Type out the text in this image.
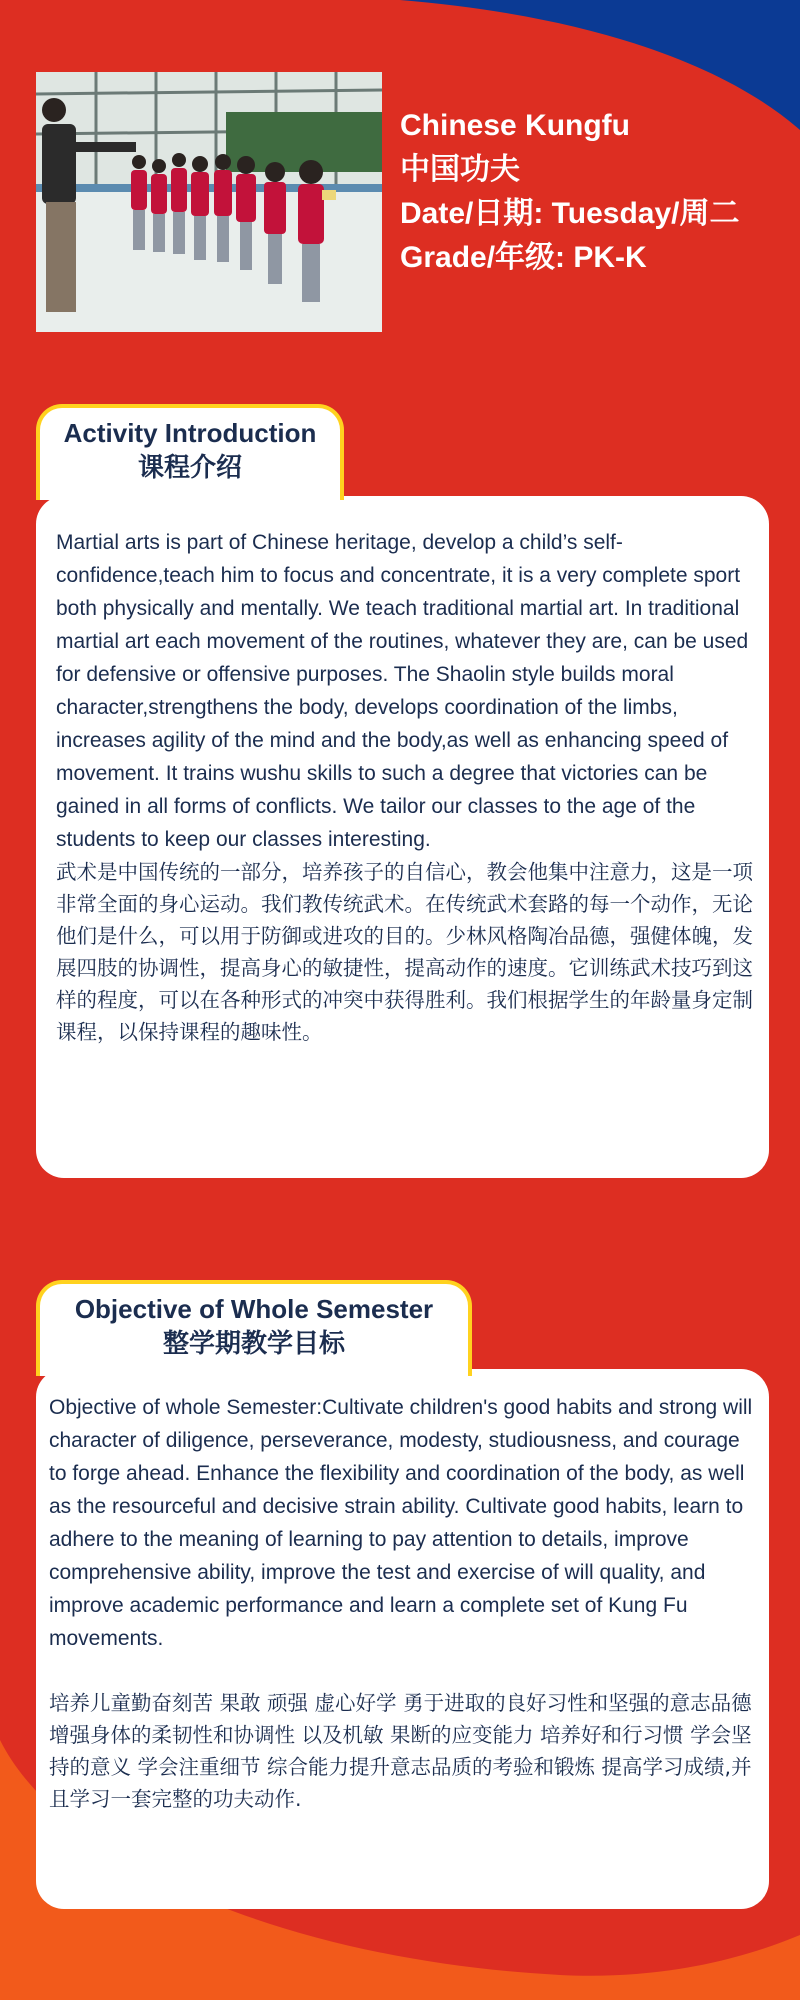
Chinese Kungfu
中国功夫
Date/日期: Tuesday/周二
Grade/年级: PK-K
Activity Introduction
课程介绍

Martial arts is part of Chinese heritage, develop a child’s self-confidence,teach him to focus and concentrate, it is a very complete sport both physically and mentally. We teach traditional martial art. In traditional martial art each movement of the routines, whatever they are, can be used for defensive or offensive purposes. The Shaolin style builds moral character,strengthens the body, develops coordination of the limbs, increases agility of the mind and the body,as well as enhancing speed of movement. It trains wushu skills to such a degree that victories can be gained in all forms of conflicts. We tailor our classes to the age of the students to keep our classes interesting.

武术是中国传统的一部分，培养孩子的自信心，教会他集中注意力，这是一项非常全面的身心运动。我们教传统武术。在传统武术套路的每一个动作，无论他们是什么，可以用于防御或进攻的目的。少林风格陶冶品德，强健体魄，发展四肢的协调性，提高身心的敏捷性，提高动作的速度。它训练武术技巧到这样的程度，可以在各种形式的冲突中获得胜利。我们根据学生的年龄量身定制课程，以保持课程的趣味性。

Objective of Whole Semester
整学期教学目标

Objective of whole Semester:Cultivate children's good habits and strong will character of diligence, perseverance, modesty, studiousness, and courage to forge ahead. Enhance the flexibility and coordination of the body, as well as the resourceful and decisive strain ability. Cultivate good habits, learn to adhere to the meaning of learning to pay attention to details, improve comprehensive ability, improve the test and exercise of will quality, and improve academic performance and learn a complete set of Kung Fu movements.

培养儿童勤奋刻苦 果敢 顽强 虚心好学 勇于进取的良好习性和坚强的意志品德 增强身体的柔韧性和协调性 以及机敏 果断的应变能力 培养好和行习惯 学会坚持的意义 学会注重细节 综合能力提升意志品质的考验和锻炼 提高学习成绩,并且学习一套完整的功夫动作.
